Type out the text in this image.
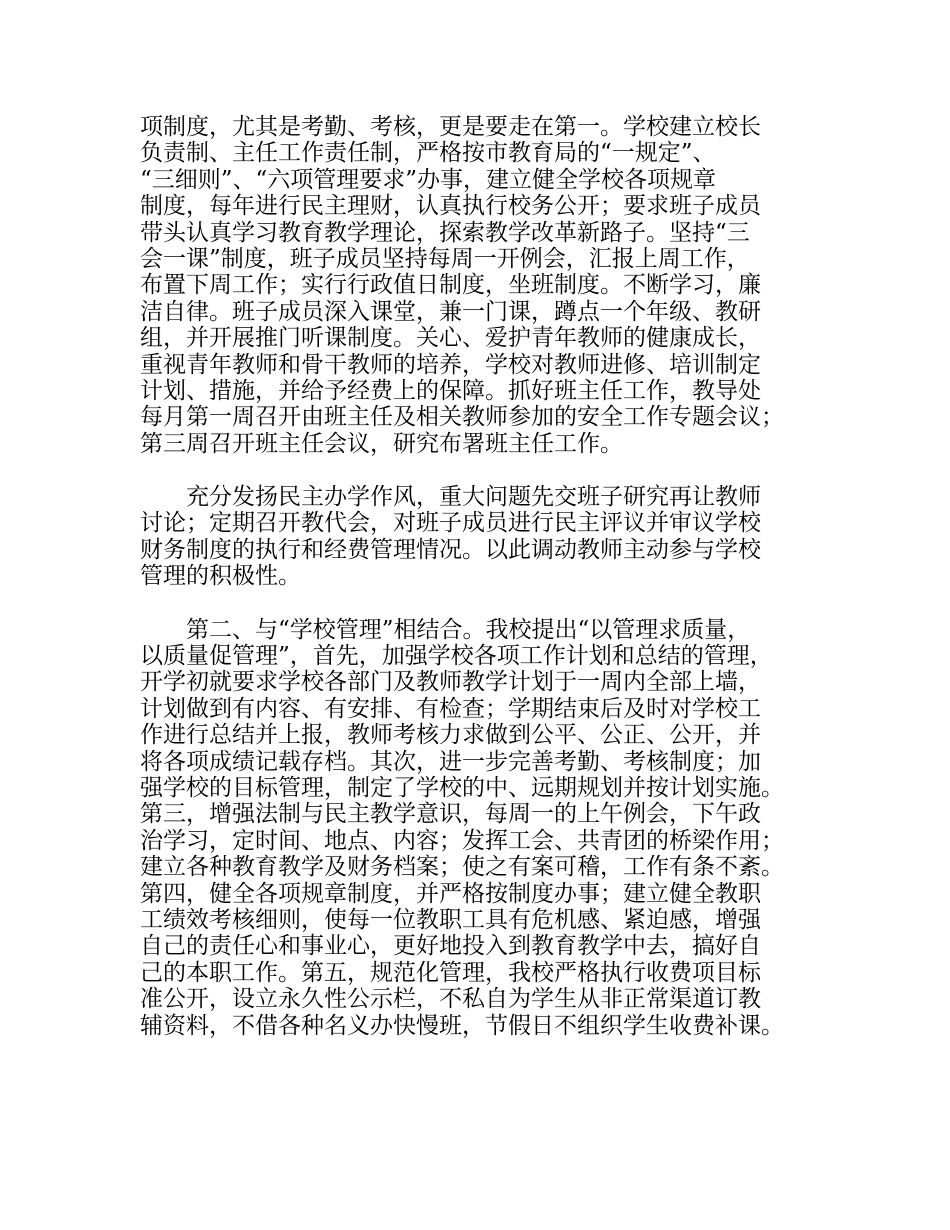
项制度，尤其是考勤、考核，更是要走在第一。学校建立校长
负责制、主任工作责任制，严格按市教育局的“一规定”、
“三细则”、“六项管理要求”办事，建立健全学校各项规章
制度，每年进行民主理财，认真执行校务公开；要求班子成员
带头认真学习教育教学理论，探索教学改革新路子。坚持“三
会一课”制度，班子成员坚持每周一开例会，汇报上周工作，
布置下周工作；实行行政值日制度，坐班制度。不断学习，廉
洁自律。班子成员深入课堂，兼一门课，蹲点一个年级、教研
组，并开展推门听课制度。关心、爱护青年教师的健康成长，
重视青年教师和骨干教师的培养，学校对教师进修、培训制定
计划、措施，并给予经费上的保障。抓好班主任工作，教导处
每月第一周召开由班主任及相关教师参加的安全工作专题会议；
第三周召开班主任会议，研究布署班主任工作。

　　充分发扬民主办学作风，重大问题先交班子研究再让教师
讨论；定期召开教代会，对班子成员进行民主评议并审议学校
财务制度的执行和经费管理情况。以此调动教师主动参与学校
管理的积极性。

　　第二、与“学校管理”相结合。我校提出“以管理求质量，
以质量促管理”，首先，加强学校各项工作计划和总结的管理，
开学初就要求学校各部门及教师教学计划于一周内全部上墙，
计划做到有内容、有安排、有检查；学期结束后及时对学校工
作进行总结并上报，教师考核力求做到公平、公正、公开，并
将各项成绩记载存档。其次，进一步完善考勤、考核制度；加
强学校的目标管理，制定了学校的中、远期规划并按计划实施。
第三，增强法制与民主教学意识，每周一的上午例会，下午政
治学习，定时间、地点、内容；发挥工会、共青团的桥梁作用；
建立各种教育教学及财务档案；使之有案可稽，工作有条不紊。
第四，健全各项规章制度，并严格按制度办事；建立健全教职
工绩效考核细则，使每一位教职工具有危机感、紧迫感，增强
自己的责任心和事业心，更好地投入到教育教学中去，搞好自
己的本职工作。第五，规范化管理，我校严格执行收费项目标
准公开，设立永久性公示栏，不私自为学生从非正常渠道订教
辅资料，不借各种名义办快慢班，节假日不组织学生收费补课。
